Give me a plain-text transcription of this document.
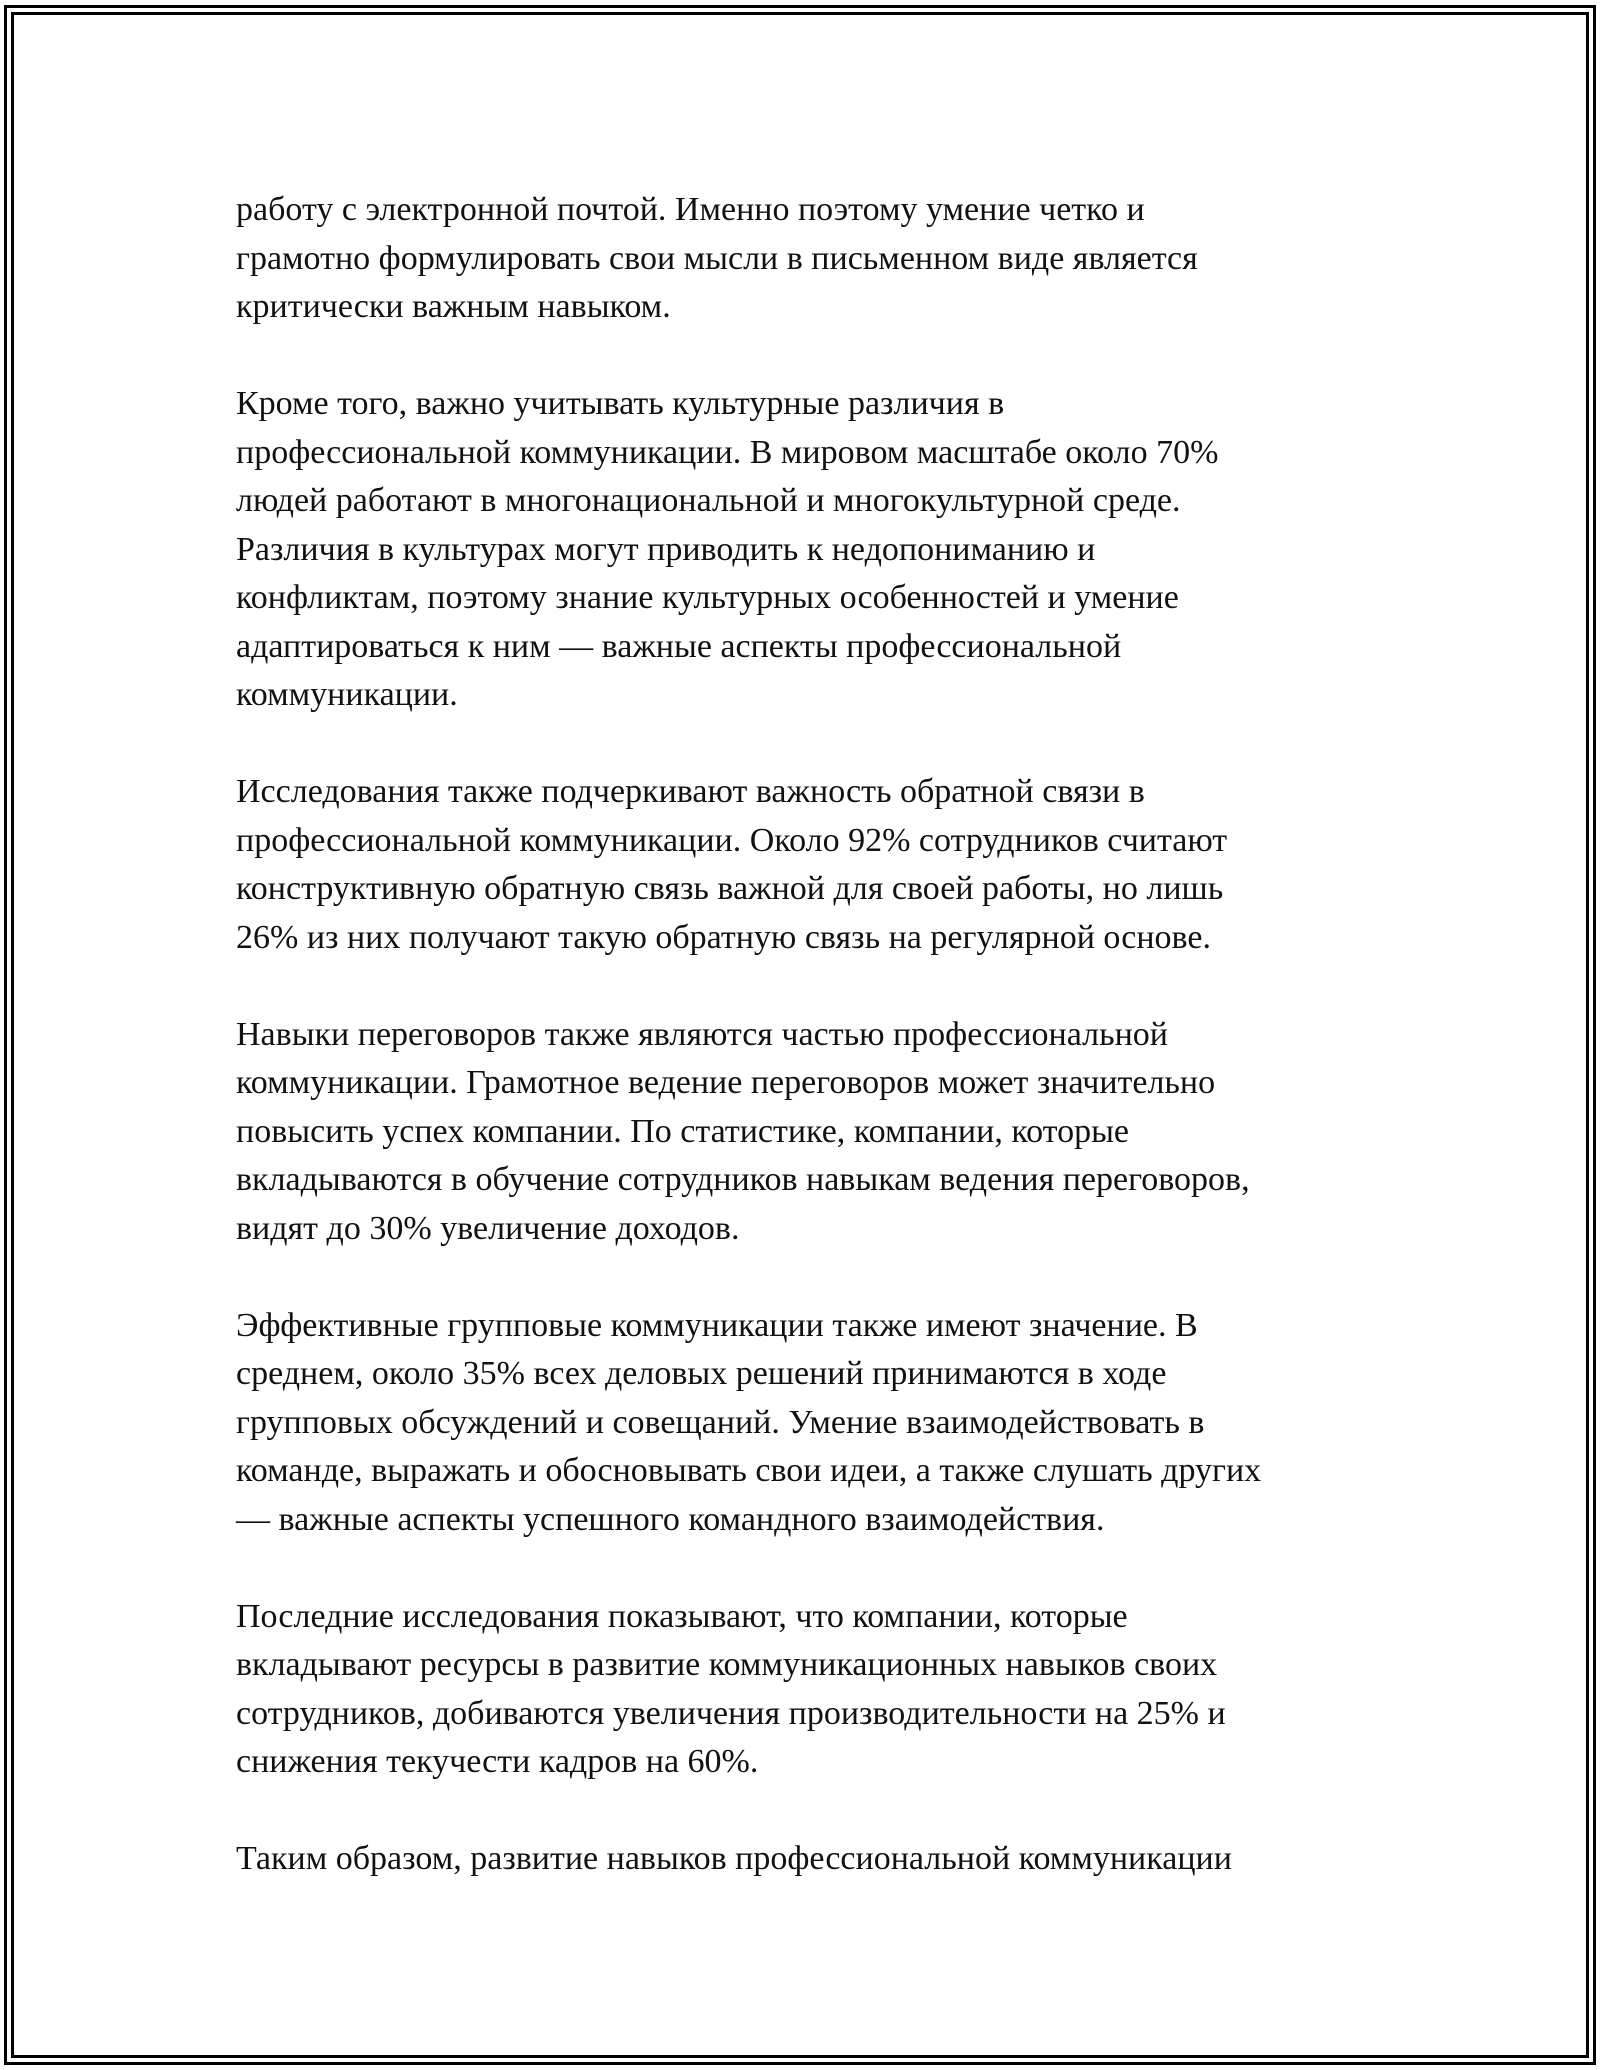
работу с электронной почтой. Именно поэтому умение четко и
грамотно формулировать свои мысли в письменном виде является
критически важным навыком.

Кроме того, важно учитывать культурные различия в
профессиональной коммуникации. В мировом масштабе около 70%
людей работают в многонациональной и многокультурной среде.
Различия в культурах могут приводить к недопониманию и
конфликтам, поэтому знание культурных особенностей и умение
адаптироваться к ним — важные аспекты профессиональной
коммуникации.

Исследования также подчеркивают важность обратной связи в
профессиональной коммуникации. Около 92% сотрудников считают
конструктивную обратную связь важной для своей работы, но лишь
26% из них получают такую обратную связь на регулярной основе.

Навыки переговоров также являются частью профессиональной
коммуникации. Грамотное ведение переговоров может значительно
повысить успех компании. По статистике, компании, которые
вкладываются в обучение сотрудников навыкам ведения переговоров,
видят до 30% увеличение доходов.

Эффективные групповые коммуникации также имеют значение. В
среднем, около 35% всех деловых решений принимаются в ходе
групповых обсуждений и совещаний. Умение взаимодействовать в
команде, выражать и обосновывать свои идеи, а также слушать других
— важные аспекты успешного командного взаимодействия.

Последние исследования показывают, что компании, которые
вкладывают ресурсы в развитие коммуникационных навыков своих
сотрудников, добиваются увеличения производительности на 25% и
снижения текучести кадров на 60%.

Таким образом, развитие навыков профессиональной коммуникации
